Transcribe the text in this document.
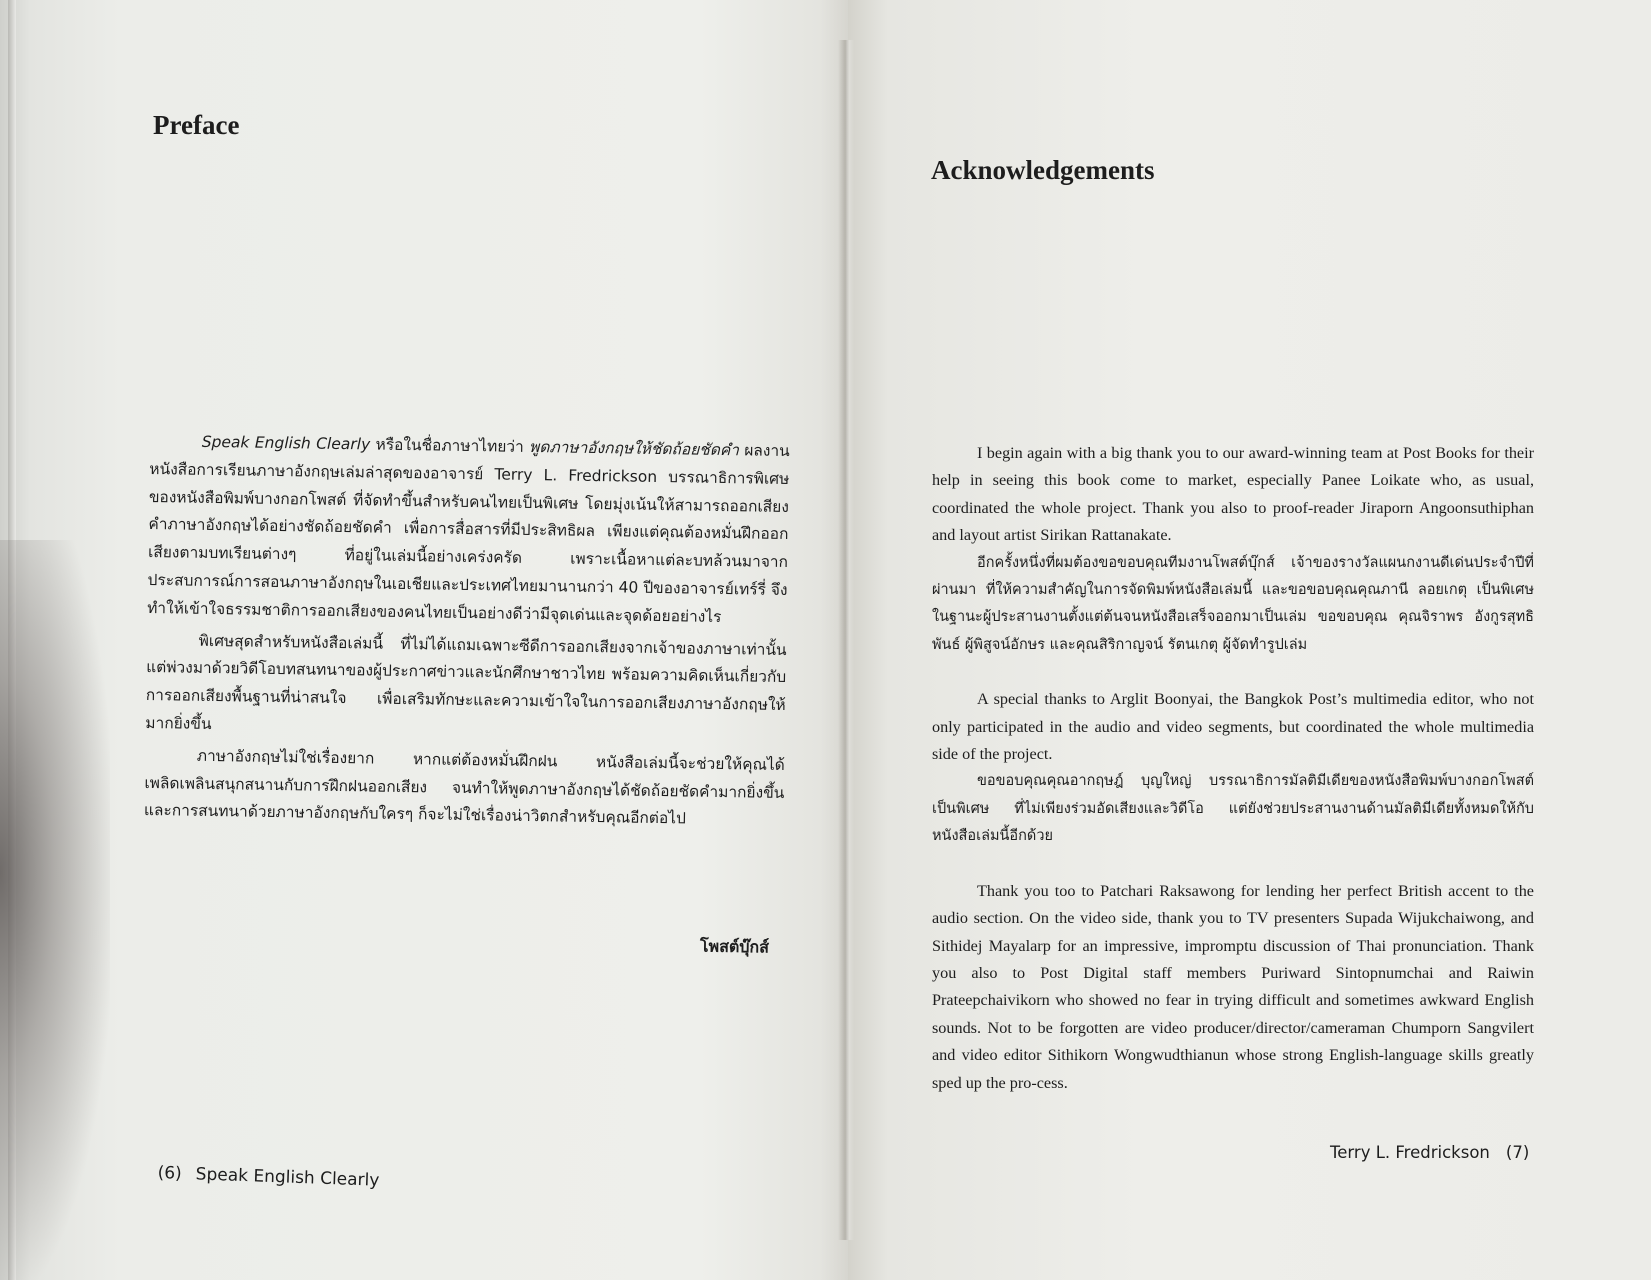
Preface

Speak English Clearly หรือในชื่อภาษาไทยว่า พูดภาษาอังกฤษให้ชัดถ้อยชัดคำ ผลงานหนังสือการเรียนภาษาอังกฤษเล่มล่าสุดของอาจารย์ Terry L. Fredrickson บรรณาธิการพิเศษของหนังสือพิมพ์บางกอกโพสต์ ที่จัดทำขึ้นสำหรับคนไทยเป็นพิเศษ โดยมุ่งเน้นให้สามารถออกเสียงคำภาษาอังกฤษได้อย่างชัดถ้อยชัดคำ เพื่อการสื่อสารที่มีประสิทธิผล เพียงแต่คุณต้องหมั่นฝึกออกเสียงตามบทเรียนต่างๆ ที่อยู่ในเล่มนี้อย่างเคร่งครัด เพราะเนื้อหาแต่ละบทล้วนมาจากประสบการณ์การสอนภาษาอังกฤษในเอเชียและประเทศไทยมานานกว่า 40 ปีของอาจารย์เทร์รี่ จึงทำให้เข้าใจธรรมชาติการออกเสียงของคนไทยเป็นอย่างดีว่ามีจุดเด่นและจุดด้อยอย่างไร

พิเศษสุดสำหรับหนังสือเล่มนี้ ที่ไม่ได้แถมเฉพาะซีดีการออกเสียงจากเจ้าของภาษาเท่านั้น แต่พ่วงมาด้วยวิดีโอบทสนทนาของผู้ประกาศข่าวและนักศึกษาชาวไทย พร้อมความคิดเห็นเกี่ยวกับการออกเสียงพื้นฐานที่น่าสนใจ เพื่อเสริมทักษะและความเข้าใจในการออกเสียงภาษาอังกฤษให้มากยิ่งขึ้น

ภาษาอังกฤษไม่ใช่เรื่องยาก หากแต่ต้องหมั่นฝึกฝน หนังสือเล่มนี้จะช่วยให้คุณได้เพลิดเพลินสนุกสนานกับการฝึกฝนออกเสียง จนทำให้พูดภาษาอังกฤษได้ชัดถ้อยชัดคำมากยิ่งขึ้น และการสนทนาด้วยภาษาอังกฤษกับใครๆ ก็จะไม่ใช่เรื่องน่าวิตกสำหรับคุณอีกต่อไป

โพสต์บุ๊กส์
(6) Speak English Clearly
Acknowledgements

I begin again with a big thank you to our award-winning team at Post Books for their help in seeing this book come to market, especially Panee Loikate who, as usual, coordinated the whole project. Thank you also to proof-reader Jiraporn Angoonsuthiphan and layout artist Sirikan Rattanakate.

อีกครั้งหนึ่งที่ผมต้องขอขอบคุณทีมงานโพสต์บุ๊กส์ เจ้าของรางวัลแผนกงานดีเด่นประจำปีที่ผ่านมา ที่ให้ความสำคัญในการจัดพิมพ์หนังสือเล่มนี้ และขอขอบคุณคุณภานี ลอยเกตุ เป็นพิเศษ ในฐานะผู้ประสานงานตั้งแต่ต้นจนหนังสือเสร็จออกมาเป็นเล่ม ขอขอบคุณ คุณจิราพร อังกูรสุทธิพันธ์ ผู้พิสูจน์อักษร และคุณสิริกาญจน์ รัตนเกตุ ผู้จัดทำรูปเล่ม

A special thanks to Arglit Boonyai, the Bangkok Post’s multimedia editor, who not only participated in the audio and video segments, but coordinated the whole multimedia side of the project.

ขอขอบคุณคุณอากฤษฎ์ บุญใหญ่ บรรณาธิการมัลติมีเดียของหนังสือพิมพ์บางกอกโพสต์ เป็นพิเศษ ที่ไม่เพียงร่วมอัดเสียงและวิดีโอ แต่ยังช่วยประสานงานด้านมัลติมีเดียทั้งหมดให้กับหนังสือเล่มนี้อีกด้วย

Thank you too to Patchari Raksawong for lending her perfect British accent to the audio section. On the video side, thank you to TV presenters Supada Wijukchaiwong, and Sithidej Mayalarp for an impressive, impromptu discussion of Thai pronunciation. Thank you also to Post Digital staff members Puriward Sintopnumchai and Raiwin Prateepchaivikorn who showed no fear in trying difficult and sometimes awkward English sounds. Not to be forgotten are video producer/director/cameraman Chumporn Sangvilert and video editor Sithikorn Wongwudthianun whose strong English-language skills greatly sped up the pro-cess.

Terry L. Fredrickson (7)
